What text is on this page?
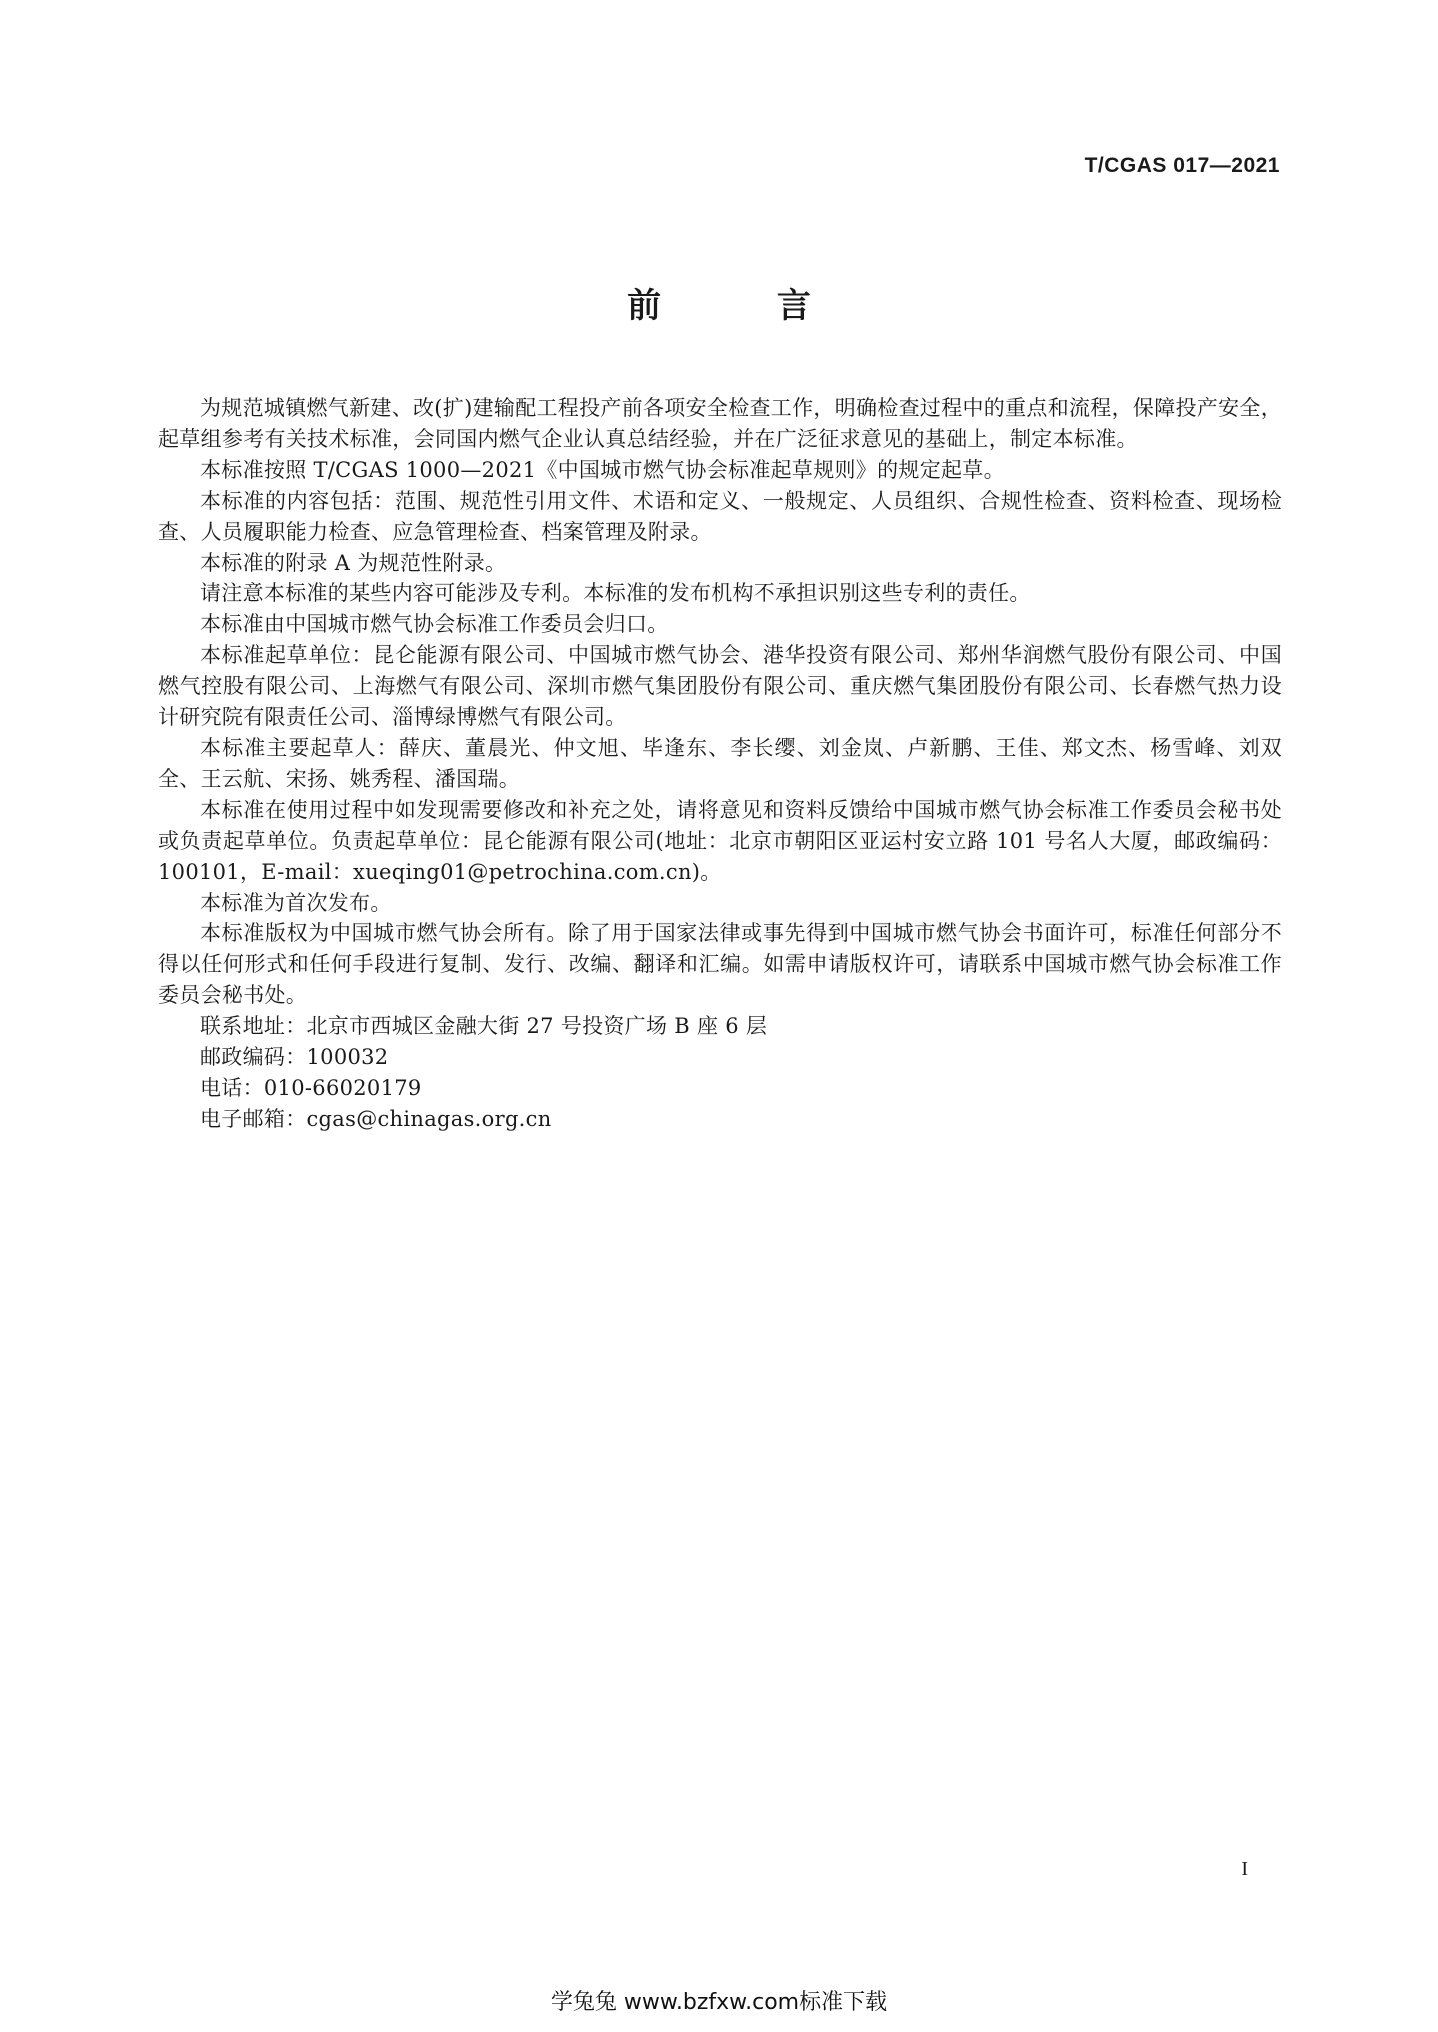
T/CGAS 017—2021
前 言

为规范城镇燃气新建、改(扩)建输配工程投产前各项安全检查工作，明确检查过程中的重点和流程，保障投产安全，起草组参考有关技术标准，会同国内燃气企业认真总结经验，并在广泛征求意见的基础上，制定本标准。

本标准按照 T/CGAS 1000—2021《中国城市燃气协会标准起草规则》的规定起草。

本标准的内容包括：范围、规范性引用文件、术语和定义、一般规定、人员组织、合规性检查、资料检查、现场检查、人员履职能力检查、应急管理检查、档案管理及附录。

本标准的附录 A 为规范性附录。

请注意本标准的某些内容可能涉及专利。本标准的发布机构不承担识别这些专利的责任。

本标准由中国城市燃气协会标准工作委员会归口。

本标准起草单位：昆仑能源有限公司、中国城市燃气协会、港华投资有限公司、郑州华润燃气股份有限公司、中国燃气控股有限公司、上海燃气有限公司、深圳市燃气集团股份有限公司、重庆燃气集团股份有限公司、长春燃气热力设计研究院有限责任公司、淄博绿博燃气有限公司。

本标准主要起草人：薛庆、董晨光、仲文旭、毕逢东、李长缨、刘金岚、卢新鹏、王佳、郑文杰、杨雪峰、刘双全、王云航、宋扬、姚秀程、潘国瑞。

本标准在使用过程中如发现需要修改和补充之处，请将意见和资料反馈给中国城市燃气协会标准工作委员会秘书处或负责起草单位。负责起草单位：昆仑能源有限公司(地址：北京市朝阳区亚运村安立路 101 号名人大厦，邮政编码：100101，E-mail：xueqing01@petrochina.com.cn)。

本标准为首次发布。

本标准版权为中国城市燃气协会所有。除了用于国家法律或事先得到中国城市燃气协会书面许可，标准任何部分不得以任何形式和任何手段进行复制、发行、改编、翻译和汇编。如需申请版权许可，请联系中国城市燃气协会标准工作委员会秘书处。

联系地址：北京市西城区金融大街 27 号投资广场 B 座 6 层

邮政编码：100032

电话：010-66020179

电子邮箱：cgas@chinagas.org.cn

I
学兔兔 www.bzfxw.com标准下载
